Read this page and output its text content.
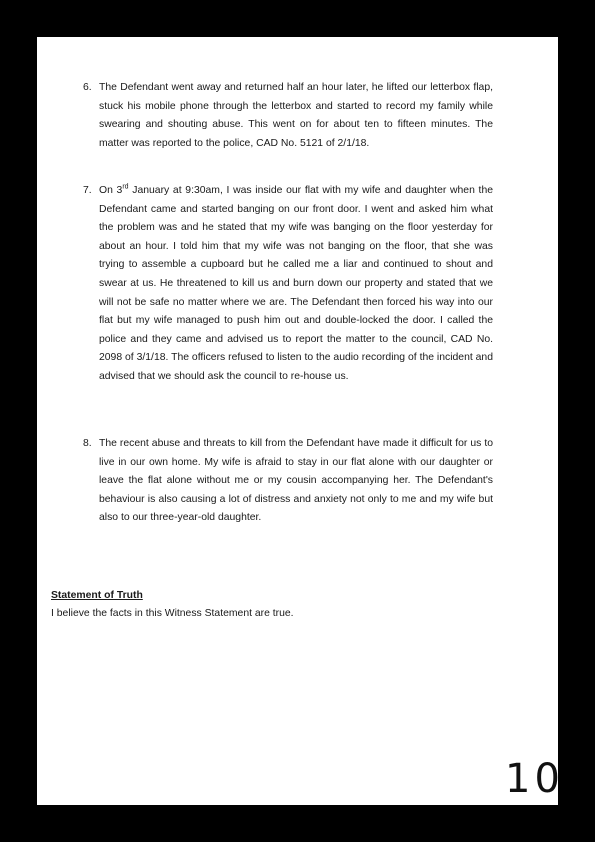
6. The Defendant went away and returned half an hour later, he lifted our letterbox flap, stuck his mobile phone through the letterbox and started to record my family while swearing and shouting abuse. This went on for about ten to fifteen minutes. The matter was reported to the police, CAD No. 5121 of 2/1/18.
7. On 3rd January at 9:30am, I was inside our flat with my wife and daughter when the Defendant came and started banging on our front door. I went and asked him what the problem was and he stated that my wife was banging on the floor yesterday for about an hour. I told him that my wife was not banging on the floor, that she was trying to assemble a cupboard but he called me a liar and continued to shout and swear at us. He threatened to kill us and burn down our property and stated that we will not be safe no matter where we are. The Defendant then forced his way into our flat but my wife managed to push him out and double-locked the door. I called the police and they came and advised us to report the matter to the council, CAD No. 2098 of 3/1/18. The officers refused to listen to the audio recording of the incident and advised that we should ask the council to re-house us.
8. The recent abuse and threats to kill from the Defendant have made it difficult for us to live in our own home. My wife is afraid to stay in our flat alone with our daughter or leave the flat alone without me or my cousin accompanying her. The Defendant's behaviour is also causing a lot of distress and anxiety not only to me and my wife but also to our three-year-old daughter.
Statement of Truth
I believe the facts in this Witness Statement are true.
10
